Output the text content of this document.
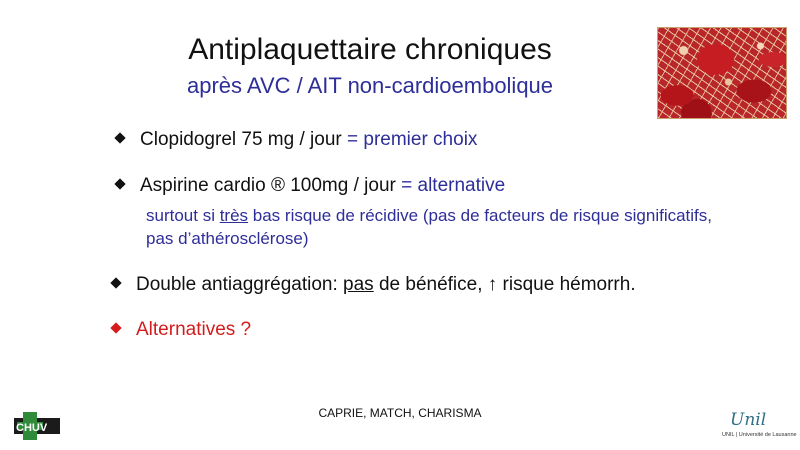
Antiplaquettaire chroniques
après AVC / AIT non-cardioembolique
Clopidogrel 75 mg / jour = premier choix
Aspirine cardio ® 100mg / jour = alternative
surtout si très bas risque de récidive (pas de facteurs de risque significatifs, pas d’athérosclérose)
Double antiaggrégation: pas de bénéfice, ↑ risque hémorrh.
Alternatives ?
CAPRIE, MATCH, CHARISMA
CHUV	Unil
UNIL | Université de Lausanne
